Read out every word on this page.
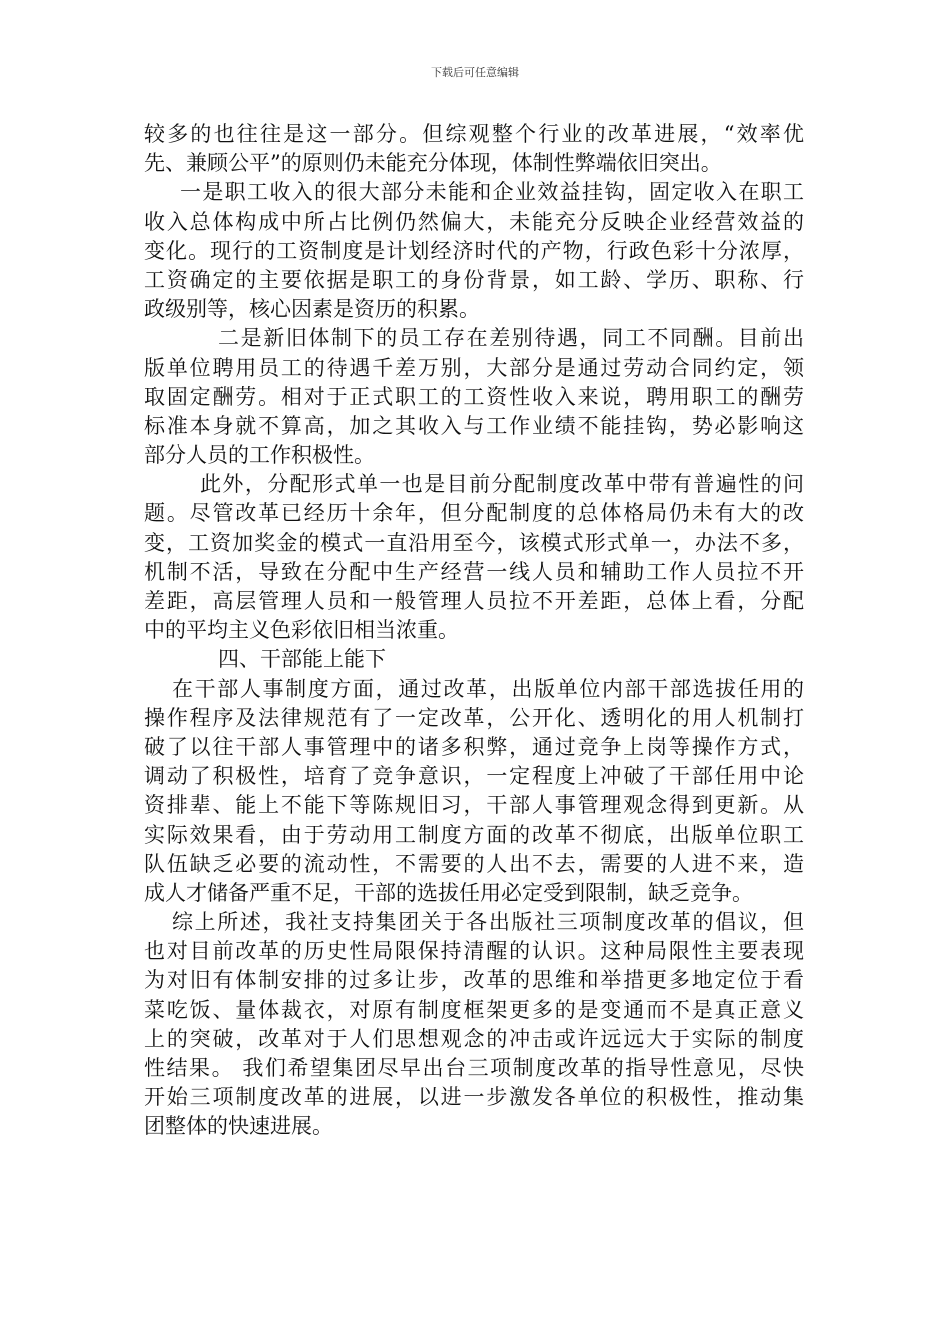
下载后可任意编辑
较多的也往往是这一部分。但综观整个行业的改革进展，“效率优
先、兼顾公平”的原则仍未能充分体现，体制性弊端依旧突出。
一是职工收入的很大部分未能和企业效益挂钩，固定收入在职工
收入总体构成中所占比例仍然偏大，未能充分反映企业经营效益的
变化。现行的工资制度是计划经济时代的产物，行政色彩十分浓厚，
工资确定的主要依据是职工的身份背景，如工龄、学历、职称、行
政级别等，核心因素是资历的积累。
二是新旧体制下的员工存在差别待遇，同工不同酬。目前出
版单位聘用员工的待遇千差万别，大部分是通过劳动合同约定，领
取固定酬劳。相对于正式职工的工资性收入来说，聘用职工的酬劳
标准本身就不算高，加之其收入与工作业绩不能挂钩，势必影响这
部分人员的工作积极性。
此外，分配形式单一也是目前分配制度改革中带有普遍性的问
题。尽管改革已经历十余年，但分配制度的总体格局仍未有大的改
变，工资加奖金的模式一直沿用至今，该模式形式单一，办法不多，
机制不活，导致在分配中生产经营一线人员和辅助工作人员拉不开
差距，高层管理人员和一般管理人员拉不开差距，总体上看，分配
中的平均主义色彩依旧相当浓重。
四、干部能上能下
在干部人事制度方面，通过改革，出版单位内部干部选拔任用的
操作程序及法律规范有了一定改革，公开化、透明化的用人机制打
破了以往干部人事管理中的诸多积弊，通过竞争上岗等操作方式，
调动了积极性，培育了竞争意识，一定程度上冲破了干部任用中论
资排辈、能上不能下等陈规旧习，干部人事管理观念得到更新。从
实际效果看，由于劳动用工制度方面的改革不彻底，出版单位职工
队伍缺乏必要的流动性，不需要的人出不去，需要的人进不来，造
成人才储备严重不足，干部的选拔任用必定受到限制，缺乏竞争。
综上所述，我社支持集团关于各出版社三项制度改革的倡议，但
也对目前改革的历史性局限保持清醒的认识。这种局限性主要表现
为对旧有体制安排的过多让步，改革的思维和举措更多地定位于看
菜吃饭、量体裁衣，对原有制度框架更多的是变通而不是真正意义
上的突破，改革对于人们思想观念的冲击或许远远大于实际的制度
性结果。 我们希望集团尽早出台三项制度改革的指导性意见，尽快
开始三项制度改革的进展，以进一步激发各单位的积极性，推动集
团整体的快速进展。
